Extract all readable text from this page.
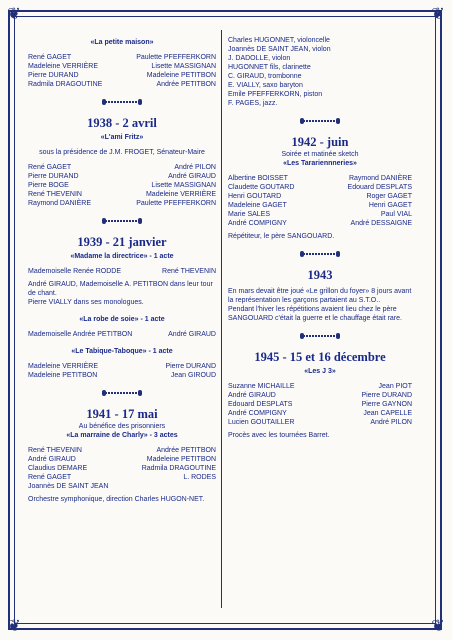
❦	❦
❦	❦
«La petite maison»
René GAGET	Paulette PFEFFERKORN
Madeleine VERRIÈRE	Lisette MASSIGNAN
Pierre DURAND	Madeleine PETITBON
Radmila DRAGOUTINE	Andrée PETITBON
1938 - 2 avril
«L'ami Fritz»
sous la présidence de J.M. FROGET, Sénateur-Maire
René GAGET	André PILON
Pierre DURAND	André GIRAUD
Pierre BOGE	Lisette MASSIGNAN
René THEVENIN	Madeleine VERRIÈRE
Raymond DANIÈRE	Paulette PFEFFERKORN
1939 - 21 janvier
«Madame la directrice» - 1 acte
Mademoiselle Renée RODDE	René THEVENIN

André GIRAUD, Mademoiselle A. PETITBON dans leur tour de chant.

Pierre VIALLY dans ses monologues.

«La robe de soie» - 1 acte
Mademoiselle Andrée PETITBON	André GIRAUD
«Le Tabique-Taboque» - 1 acte
Madeleine VERRIÈRE	Pierre DURAND
Madeleine PETITBON	Jean GIROUD
1941 - 17 mai
Au bénéfice des prisonniers
«La marraine de Charly» - 3 actes
René THEVENIN	Andrée PETITBON
André GIRAUD	Madeleine PETITBON
Claudius DEMARE	Radmila DRAGOUTINE
René GAGET	L. RODES
Joannès DE SAINT JEAN

Orchestre symphonique, direction Charles HUGON-NET.

Charles HUGONNET, violoncelle
Joannès DE SAINT JEAN, violon
J. DADOLLE, violon
HUGONNET fils, clarinette
C. GIRAUD, trombonne
E. VIALLY, saxo baryton
Emile PFEFFERKORN, piston
F. PAGES, jazz.
1942 - juin
Soirée et matinée sketch
«Les Tarariennneries»
Albertine BOISSET	Raymond DANIÈRE
Claudette GOUTARD	Edouard DESPLATS
Henri GOUTARD	Roger GAGET
Madeleine GAGET	Henri GAGET
Marie SALES	Paul VIAL
André COMPIGNY	André DESSAIGNE

Répétiteur, le père SANGOUARD.

1943

En mars devait être joué «Le grillon du foyer» 8 jours avant la représentation les garçons partaient au S.T.O..

Pendant l'hiver les répétitions avaient lieu chez le père SANGOUARD c'était la guerre et le chauffage était rare.

1945 - 15 et 16 décembre
«Les J 3»
Suzanne MICHAILLE	Jean PIOT
André GIRAUD	Pierre DURAND
Edouard DESPLATS	Pierre GAYNON
André COMPIGNY	Jean CAPELLE
Lucien GOUTAILLER	André PILON

Procès avec les tournées Barret.
